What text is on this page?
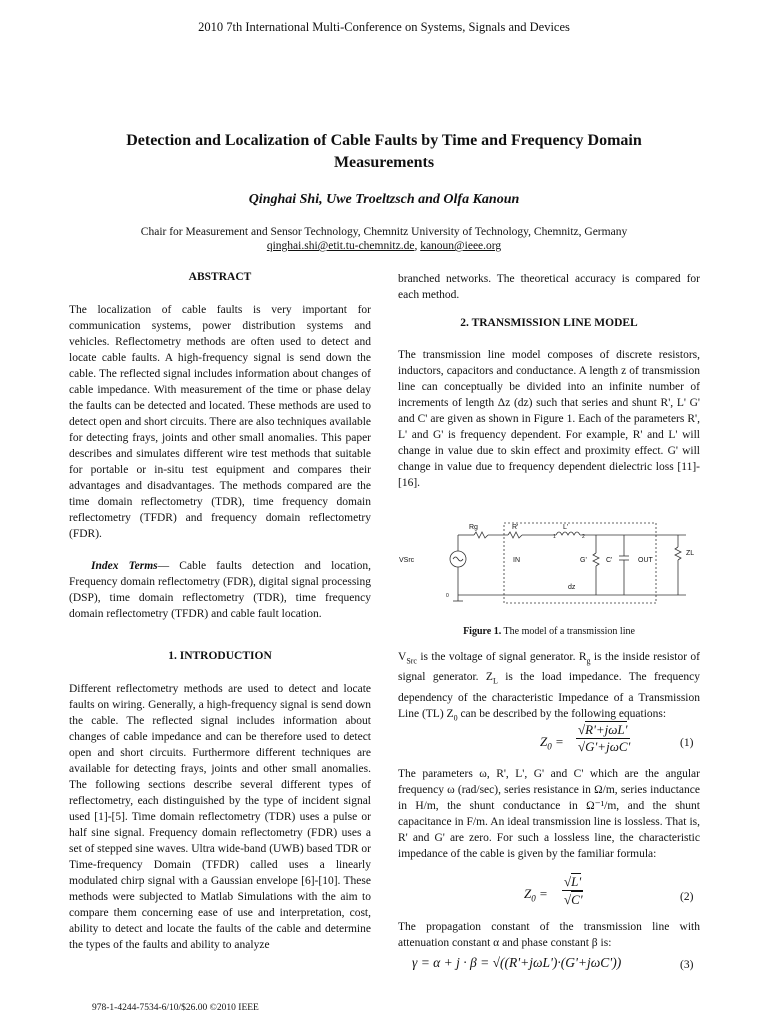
2010 7th International Multi-Conference on Systems, Signals and Devices
Detection and Localization of Cable Faults by Time and Frequency Domain
Measurements
Qinghai Shi, Uwe Troeltzsch and Olfa Kanoun
Chair for Measurement and Sensor Technology, Chemnitz University of Technology, Chemnitz, Germany
qinghai.shi@etit.tu-chemnitz.de, kanoun@ieee.org
ABSTRACT

The localization of cable faults is very important for communication systems, power distribution systems and vehicles. Reflectometry methods are often used to detect and locate cable faults. A high-frequency signal is send down the cable. The reflected signal includes information about changes of cable impedance. With measurement of the time or phase delay the faults can be detected and located. These methods are used to detect open and short circuits. There are also techniques available for detecting frays, joints and other small anomalies. This paper describes and simulates different wire test methods that suitable for portable or in-situ test equipment and compares their advantages and disadvantages. The methods compared are the time domain reflectometry (TDR), time frequency domain reflectometry (TFDR) and frequency domain reflectometry (FDR).

Index Terms— Cable faults detection and location, Frequency domain reflectometry (FDR), digital signal processing (DSP), time domain reflectometry (TDR), time frequency domain reflectometry (TFDR) and cable fault location.

1. INTRODUCTION

Different reflectometry methods are used to detect and locate faults on wiring. Generally, a high-frequency signal is send down the cable. The reflected signal includes information about changes of cable impedance and can be therefore used to detect open and short circuits. Furthermore different techniques are available for detecting frays, joints and other small anomalies. The following sections describe several different types of reflectometry, each distinguished by the type of incident signal used [1]-[5]. Time domain reflectometry (TDR) uses a pulse or half sine signal. Frequency domain reflectometry (FDR) uses a set of stepped sine waves. Ultra wide-band (UWB) based TDR or Time-frequency Domain (TFDR) called uses a linearly modulated chirp signal with a Gaussian envelope [6]-[10]. These methods were subjected to Matlab Simulations with the aim to compare them concerning ease of use and interpretation, cost, ability to detect and locate the faults of the cable and determine the types of the faults and ability to analyze

branched networks. The theoretical accuracy is compared for each method.

2. TRANSMISSION LINE MODEL

The transmission line model composes of discrete resistors, inductors, capacitors and conductance. A length z of transmission line can conceptually be divided into an infinite number of increments of length Δz (dz) such that series and shunt R', L' G' and C' are given as shown in Figure 1. Each of the parameters R', L' and G' is frequency dependent. For example, R' and L' will change in value due to skin effect and proximity effect. G' will change in value due to frequency dependent dielectric loss [11]-[16].

Rg	R'	L'
1	2
VSrc	IN	G'	C'	OUT
ZL
dz
0
Figure 1. The model of a transmission line

$V_{Src}$ is the voltage of signal generator. $R_g$ is the inside resistor of signal generator. $Z_L$ is the load impedance. The frequency dependency of the characteristic Impedance of a Transmission Line (TL) $Z_0$ can be described by the following equations:

$Z_0$ =
√R'+jωL'
√G'+jωC'	(1)

The parameters ω, R', L', G' and C' which are the angular frequency ω (rad/sec), series resistance in Ω/m, series inductance in H/m, the shunt conductance in Ω⁻¹/m, and the shunt capacitance in F/m. An ideal transmission line is lossless. That is, R' and G' are zero. For such a lossless line, the characteristic impedance of the cable is given by the familiar formula:

$Z_0$ =
√L'
√C'	(2)

The propagation constant of the transmission line with attenuation constant α and phase constant β is:

γ = α + j · β = √((R'+jωL')·(G'+jωC'))	(3)
978-1-4244-7534-6/10/$26.00 ©2010 IEEE
